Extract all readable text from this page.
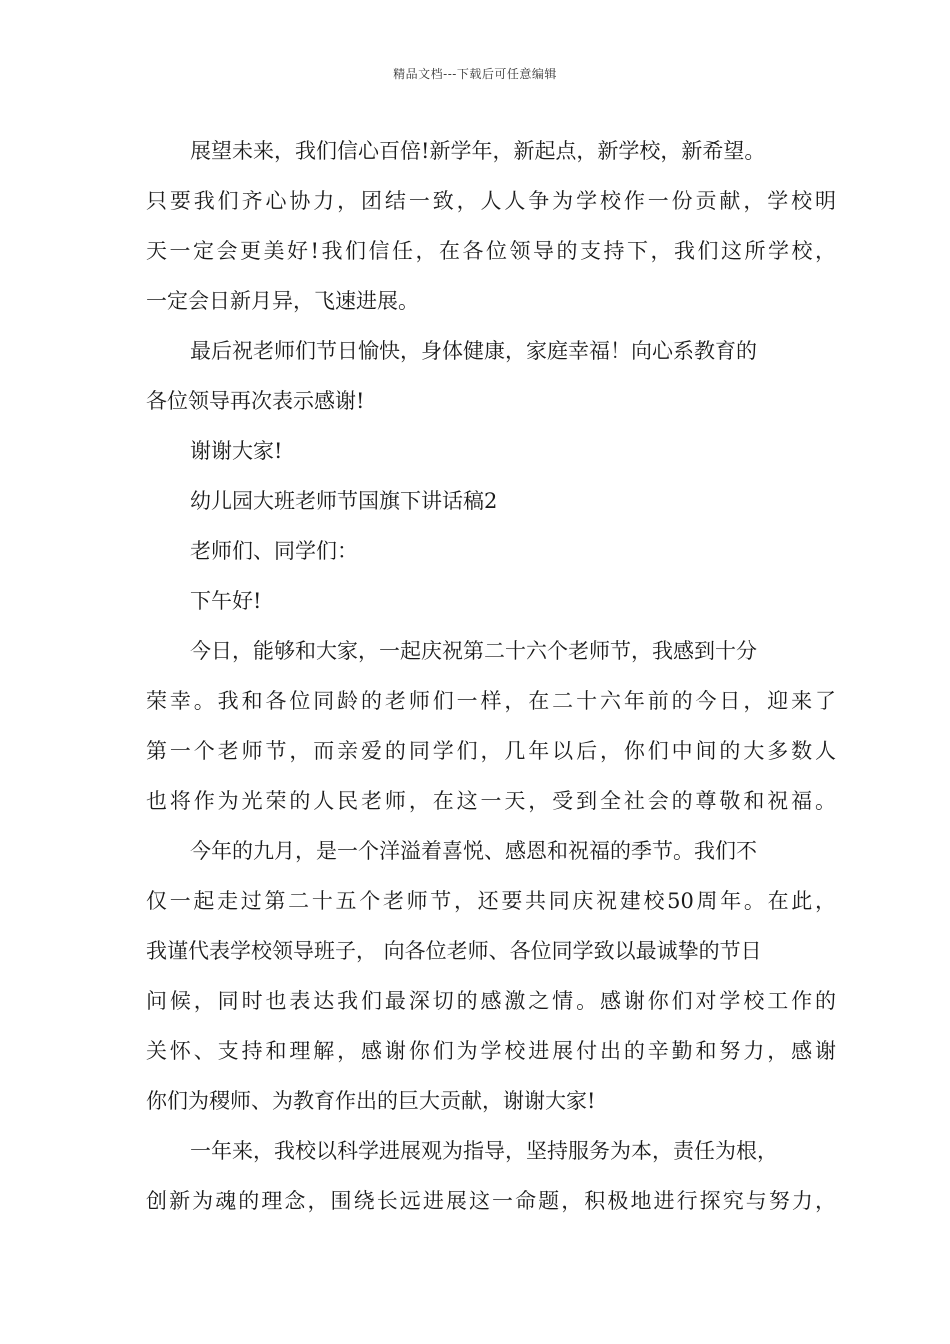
精品文档---下载后可任意编辑
展望未来，我们信心百倍!新学年，新起点，新学校，新希望。
只要我们齐心协力，团结一致，人人争为学校作一份贡献，学校明
天一定会更美好!我们信任，在各位领导的支持下，我们这所学校，
一定会日新月异，飞速进展。
最后祝老师们节日愉快，身体健康，家庭幸福！向心系教育的
各位领导再次表示感谢!
谢谢大家!
幼儿园大班老师节国旗下讲话稿2
老师们、同学们：
下午好!
今日，能够和大家，一起庆祝第二十六个老师节，我感到十分
荣幸。我和各位同龄的老师们一样，在二十六年前的今日，迎来了
第一个老师节，而亲爱的同学们，几年以后，你们中间的大多数人
也将作为光荣的人民老师，在这一天，受到全社会的尊敬和祝福。
今年的九月，是一个洋溢着喜悦、感恩和祝福的季节。我们不
仅一起走过第二十五个老师节，还要共同庆祝建校50周年。在此，
我谨代表学校领导班子， 向各位老师、各位同学致以最诚挚的节日
问候，同时也表达我们最深切的感激之情。感谢你们对学校工作的
关怀、支持和理解，感谢你们为学校进展付出的辛勤和努力，感谢
你们为稷师、为教育作出的巨大贡献，谢谢大家!
一年来，我校以科学进展观为指导，坚持服务为本，责任为根，
创新为魂的理念，围绕长远进展这一命题，积极地进行探究与努力，
